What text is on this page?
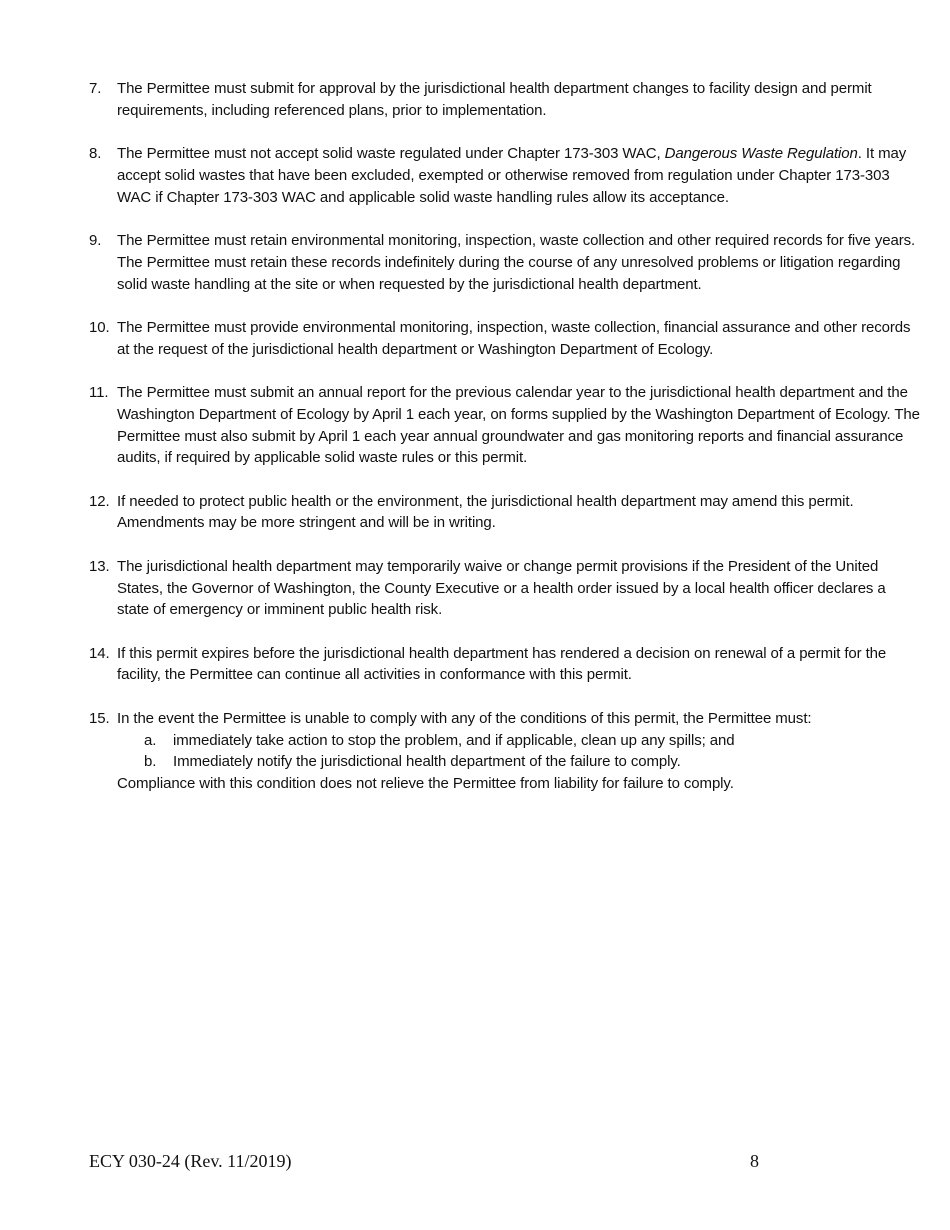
7. The Permittee must submit for approval by the jurisdictional health department changes to facility design and permit requirements, including referenced plans, prior to implementation.
8. The Permittee must not accept solid waste regulated under Chapter 173-303 WAC, Dangerous Waste Regulation. It may accept solid wastes that have been excluded, exempted or otherwise removed from regulation under Chapter 173-303 WAC if Chapter 173-303 WAC and applicable solid waste handling rules allow its acceptance.
9. The Permittee must retain environmental monitoring, inspection, waste collection and other required records for five years. The Permittee must retain these records indefinitely during the course of any unresolved problems or litigation regarding solid waste handling at the site or when requested by the jurisdictional health department.
10. The Permittee must provide environmental monitoring, inspection, waste collection, financial assurance and other records at the request of the jurisdictional health department or Washington Department of Ecology.
11. The Permittee must submit an annual report for the previous calendar year to the jurisdictional health department and the Washington Department of Ecology by April 1 each year, on forms supplied by the Washington Department of Ecology. The Permittee must also submit by April 1 each year annual groundwater and gas monitoring reports and financial assurance audits, if required by applicable solid waste rules or this permit.
12. If needed to protect public health or the environment, the jurisdictional health department may amend this permit. Amendments may be more stringent and will be in writing.
13. The jurisdictional health department may temporarily waive or change permit provisions if the President of the United States, the Governor of Washington, the County Executive or a health order issued by a local health officer declares a state of emergency or imminent public health risk.
14. If this permit expires before the jurisdictional health department has rendered a decision on renewal of a permit for the facility, the Permittee can continue all activities in conformance with this permit.
15. In the event the Permittee is unable to comply with any of the conditions of this permit, the Permittee must:
a. immediately take action to stop the problem, and if applicable, clean up any spills; and
b. Immediately notify the jurisdictional health department of the failure to comply.
Compliance with this condition does not relieve the Permittee from liability for failure to comply.
ECY 030-24 (Rev. 11/2019)	8
